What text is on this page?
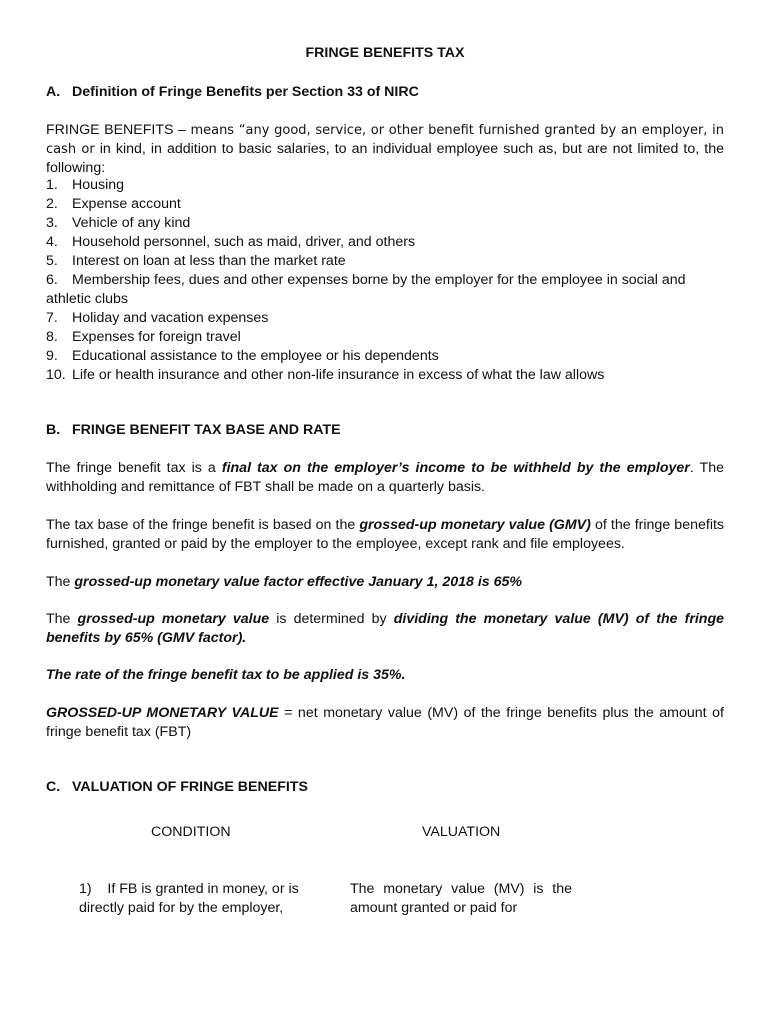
FRINGE BENEFITS TAX
A.   Definition of Fringe Benefits per Section 33 of NIRC
FRINGE BENEFITS – means “any good, service, or other benefit furnished granted by an employer, in cash or in kind, in addition to basic salaries, to an individual employee such as, but are not limited to, the following:
1. Housing
2. Expense account
3. Vehicle of any kind
4. Household personnel, such as maid, driver, and others
5. Interest on loan at less than the market rate
6. Membership fees, dues and other expenses borne by the employer for the employee in social and athletic clubs
7. Holiday and vacation expenses
8. Expenses for foreign travel
9. Educational assistance to the employee or his dependents
10. Life or health insurance and other non-life insurance in excess of what the law allows
B.   FRINGE BENEFIT TAX BASE AND RATE
The fringe benefit tax is a final tax on the employer’s income to be withheld by the employer. The withholding and remittance of FBT shall be made on a quarterly basis.
The tax base of the fringe benefit is based on the grossed-up monetary value (GMV) of the fringe benefits furnished, granted or paid by the employer to the employee, except rank and file employees.
The grossed-up monetary value factor effective January 1, 2018 is 65%
The grossed-up monetary value is determined by dividing the monetary value (MV) of the fringe benefits by 65% (GMV factor).
The rate of the fringe benefit tax to be applied is 35%.
GROSSED-UP MONETARY VALUE = net monetary value (MV) of the fringe benefits plus the amount of fringe benefit tax (FBT)
C.   VALUATION OF FRINGE BENEFITS
CONDITION	VALUATION
1)    If FB is granted in money, or is directly paid for by the employer,
The monetary value (MV) is the amount granted or paid for
